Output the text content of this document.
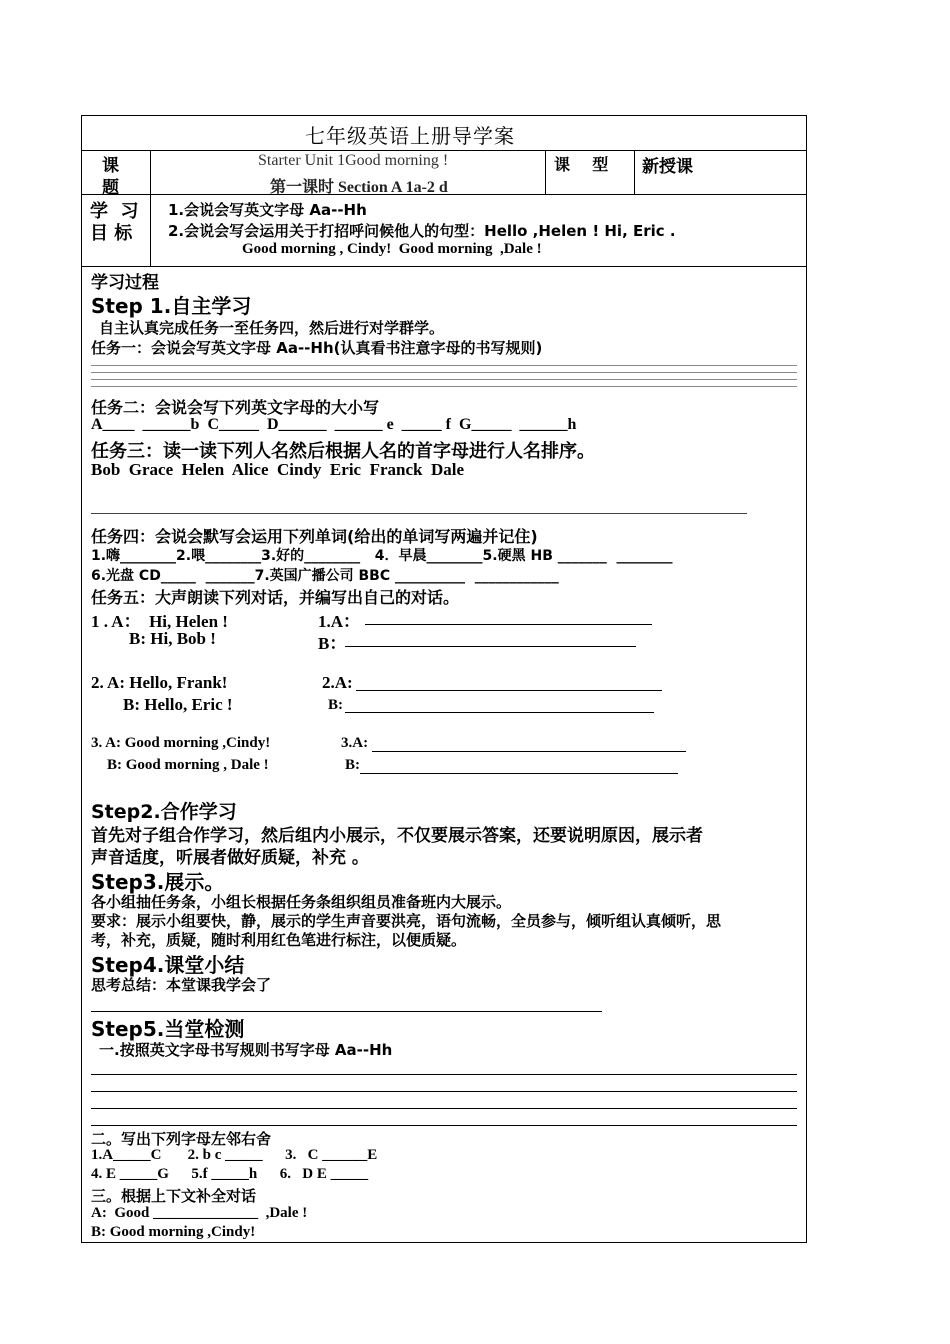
七年级英语上册导学案
课
题
Starter Unit 1Good morning !
第一课时 Section A 1a-2 d
课    型 新授课
学  习
目 标
1.会说会写英文字母 Aa--Hh
2.会说会写会运用关于打招呼问候他人的句型：Hello ,Helen ! Hi, Eric .
Good morning , Cindy!  Good morning  ,Dale !
学习过程
Step 1.自主学习
自主认真完成任务一至任务四，然后进行对学群学。
任务一：会说会写英文字母 Aa--Hh(认真看书注意字母的书写规则)
任务二：会说会写下列英文字母的大小写
A____  ______b  C_____  D______  ______ e  _____ f  G_____  ______h
任务三：读一读下列人名然后根据人名的首字母进行人名排序。
Bob  Grace  Helen  Alice  Cindy  Eric  Franck  Dale
任务四：会说会默写会运用下列单词(给出的单词写两遍并记住)
1.嗨________2.喂________3.好的________   4．早晨________5.硬黑 HB _______  ________
6.光盘 CD_____  _______7.英国广播公司 BBC __________  ____________
任务五：大声朗读下列对话，并编写出自己的对话。
1 . A：  Hi, Helen !
B: Hi, Bob !
1.A：
B：
2. A: Hello, Frank!
B: Hello, Eric !
2.A:
B:
3. A: Good morning ,Cindy!
B: Good morning , Dale !
3.A:
B:
Step2.合作学习
首先对子组合作学习，然后组内小展示，不仅要展示答案，还要说明原因，展示者
声音适度，听展者做好质疑，补充 。
Step3.展示。
各小组抽任务条，小组长根据任务条组织组员准备班内大展示。
要求：展示小组要快，静，展示的学生声音要洪亮，语句流畅，全员参与，倾听组认真倾听，思
考，补充，质疑，随时利用红色笔进行标注，以便质疑。
Step4.课堂小结
思考总结：本堂课我学会了
Step5.当堂检测
一.按照英文字母书写规则书写字母 Aa--Hh
二。写出下列字母左邻右舍
1.A_____C       2. b c _____      3.   C ______E
4. E _____G      5.f _____h      6.   D E _____
三。根据上下文补全对话
A:  Good ______________  ,Dale !
B: Good morning ,Cindy!
